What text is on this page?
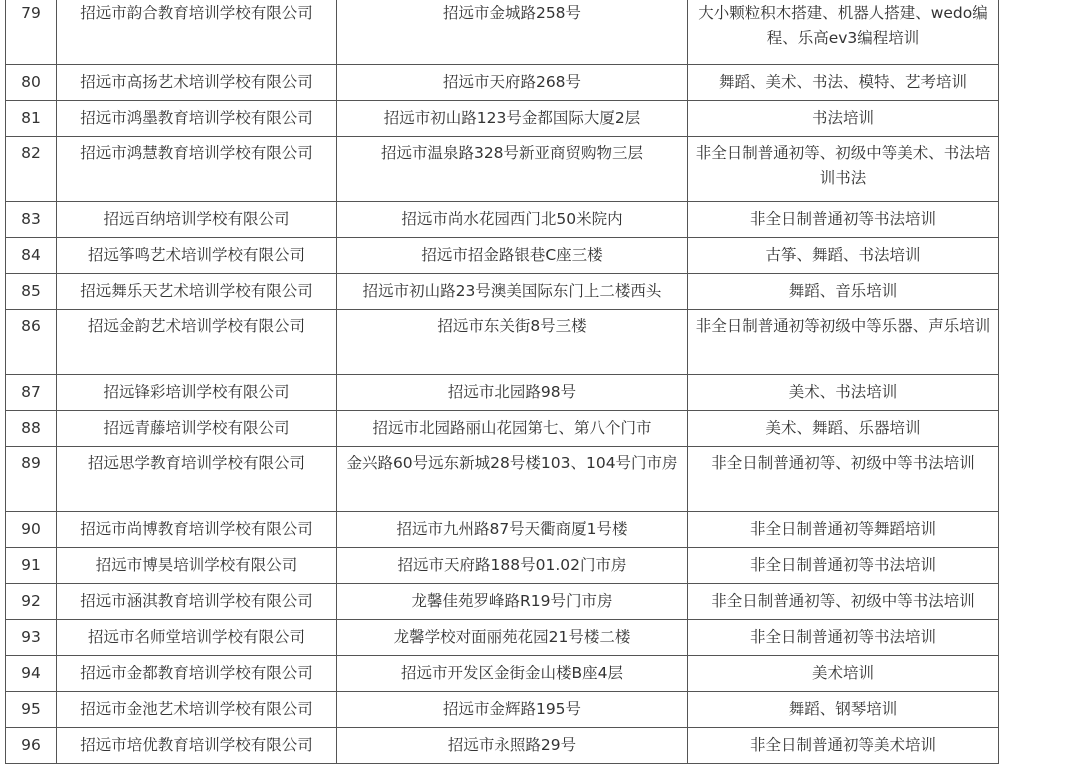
79	招远市韵合教育培训学校有限公司	招远市金城路258号	大小颗粒积木搭建、机器人搭建、wedo编程、乐高ev3编程培训	
80	招远市高扬艺术培训学校有限公司	招远市天府路268号	舞蹈、美术、书法、模特、艺考培训	
81	招远市鸿墨教育培训学校有限公司	招远市初山路123号金都国际大厦2层	书法培训	
82	招远市鸿慧教育培训学校有限公司	招远市温泉路328号新亚商贸购物三层	非全日制普通初等、初级中等美术、书法培训书法	
83	招远百纳培训学校有限公司	招远市尚水花园西门北50米院内	非全日制普通初等书法培训	
84	招远筝鸣艺术培训学校有限公司	招远市招金路银巷C座三楼	古筝、舞蹈、书法培训	
85	招远舞乐天艺术培训学校有限公司	招远市初山路23号澳美国际东门上二楼西头	舞蹈、音乐培训	
86	招远金韵艺术培训学校有限公司	招远市东关街8号三楼	非全日制普通初等初级中等乐器、声乐培训	
87	招远锋彩培训学校有限公司	招远市北园路98号	美术、书法培训	
88	招远青藤培训学校有限公司	招远市北园路丽山花园第七、第八个门市	美术、舞蹈、乐器培训	
89	招远思学教育培训学校有限公司	金兴路60号远东新城28号楼103、104号门市房	非全日制普通初等、初级中等书法培训	
90	招远市尚博教育培训学校有限公司	招远市九州路87号天衢商厦1号楼	非全日制普通初等舞蹈培训	
91	招远市博昊培训学校有限公司	招远市天府路188号01.02门市房	非全日制普通初等书法培训	
92	招远市涵淇教育培训学校有限公司	龙馨佳苑罗峰路R19号门市房	非全日制普通初等、初级中等书法培训	
93	招远市名师堂培训学校有限公司	龙馨学校对面丽苑花园21号楼二楼	非全日制普通初等书法培训	
94	招远市金都教育培训学校有限公司	招远市开发区金街金山楼B座4层	美术培训	
95	招远市金池艺术培训学校有限公司	招远市金辉路195号	舞蹈、钢琴培训	
96	招远市培优教育培训学校有限公司	招远市永照路29号	非全日制普通初等美术培训	
